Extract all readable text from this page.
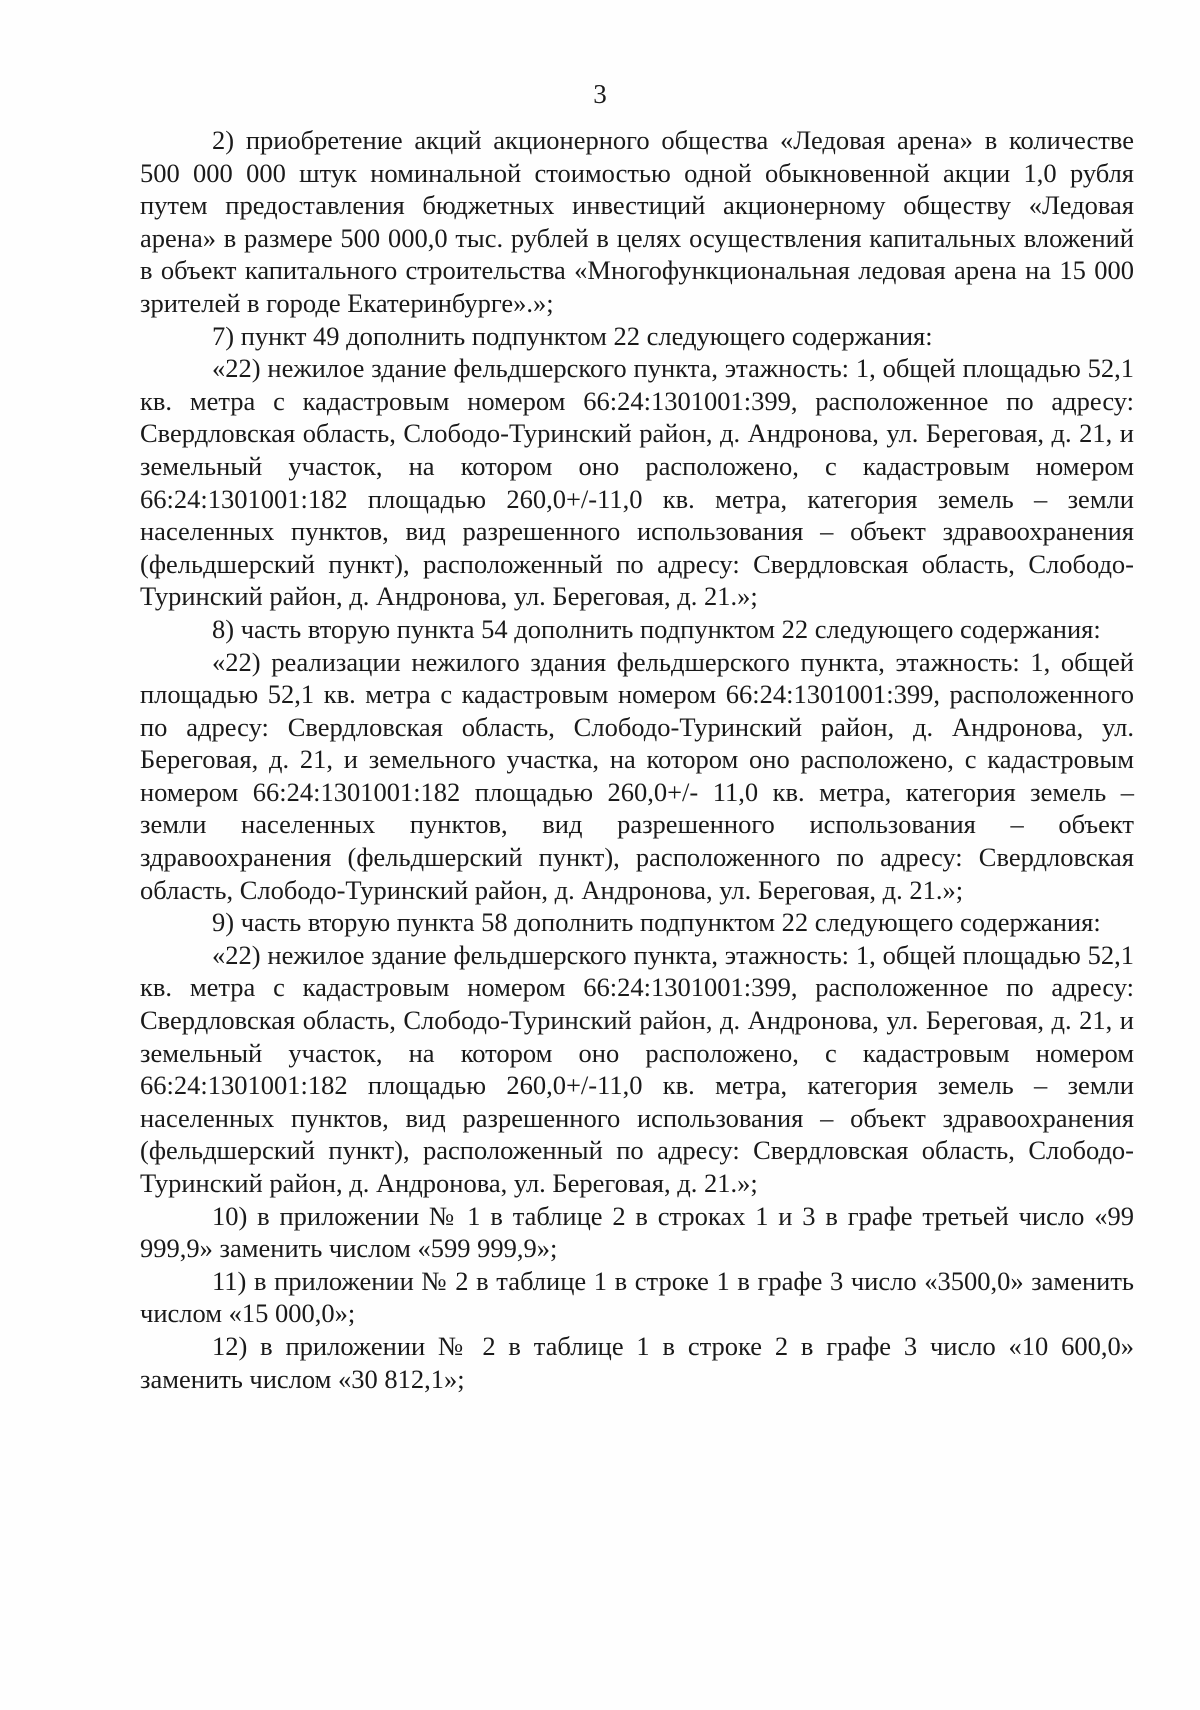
3

2) приобретение акций акционерного общества «Ледовая арена» в количестве 500 000 000 штук номинальной стоимостью одной обыкновенной акции 1,0 рубля путем предоставления бюджетных инвестиций акционерному обществу «Ледовая арена» в размере 500 000,0 тыс. рублей в целях осуществления капитальных вложений в объект капитального строительства «Многофункциональная ледовая арена на 15 000 зрителей в городе Екатеринбурге».»;

7) пункт 49 дополнить подпунктом 22 следующего содержания:

«22) нежилое здание фельдшерского пункта, этажность: 1, общей площадью 52,1 кв. метра с кадастровым номером 66:24:1301001:399, расположенное по адресу: Свердловская область, Слободо-Туринский район, д. Андронова, ул. Береговая, д. 21, и земельный участок, на котором оно расположено, с кадастровым номером 66:24:1301001:182 площадью 260,0+/-11,0 кв. метра, категория земель – земли населенных пунктов, вид разрешенного использования – объект здравоохранения (фельдшерский пункт), расположенный по адресу: Свердловская область, Слободо-Туринский район, д. Андронова, ул. Береговая, д. 21.»;

8) часть вторую пункта 54 дополнить подпунктом 22 следующего содержания:

«22) реализации нежилого здания фельдшерского пункта, этажность: 1, общей площадью 52,1 кв. метра с кадастровым номером 66:24:1301001:399, расположенного по адресу: Свердловская область, Слободо-Туринский район, д. Андронова, ул. Береговая, д. 21, и земельного участка, на котором оно расположено, с кадастровым номером 66:24:1301001:182 площадью 260,0+/- 11,0 кв. метра, категория земель – земли населенных пунктов, вид разрешенного использования – объект здравоохранения (фельдшерский пункт), расположенного по адресу: Свердловская область, Слободо-Туринский район, д. Андронова, ул. Береговая, д. 21.»;

9) часть вторую пункта 58 дополнить подпунктом 22 следующего содержания:

«22) нежилое здание фельдшерского пункта, этажность: 1, общей площадью 52,1 кв. метра с кадастровым номером 66:24:1301001:399, расположенное по адресу: Свердловская область, Слободо-Туринский район, д. Андронова, ул. Береговая, д. 21, и земельный участок, на котором оно расположено, с кадастровым номером 66:24:1301001:182 площадью 260,0+/-11,0 кв. метра, категория земель – земли населенных пунктов, вид разрешенного использования – объект здравоохранения (фельдшерский пункт), расположенный по адресу: Свердловская область, Слободо-Туринский район, д. Андронова, ул. Береговая, д. 21.»;

10) в приложении № 1 в таблице 2 в строках 1 и 3 в графе третьей число «99 999,9» заменить числом «599 999,9»;

11) в приложении № 2 в таблице 1 в строке 1 в графе 3 число «3500,0» заменить числом «15 000,0»;

12) в приложении № 2 в таблице 1 в строке 2 в графе 3 число «10 600,0» заменить числом «30 812,1»;
